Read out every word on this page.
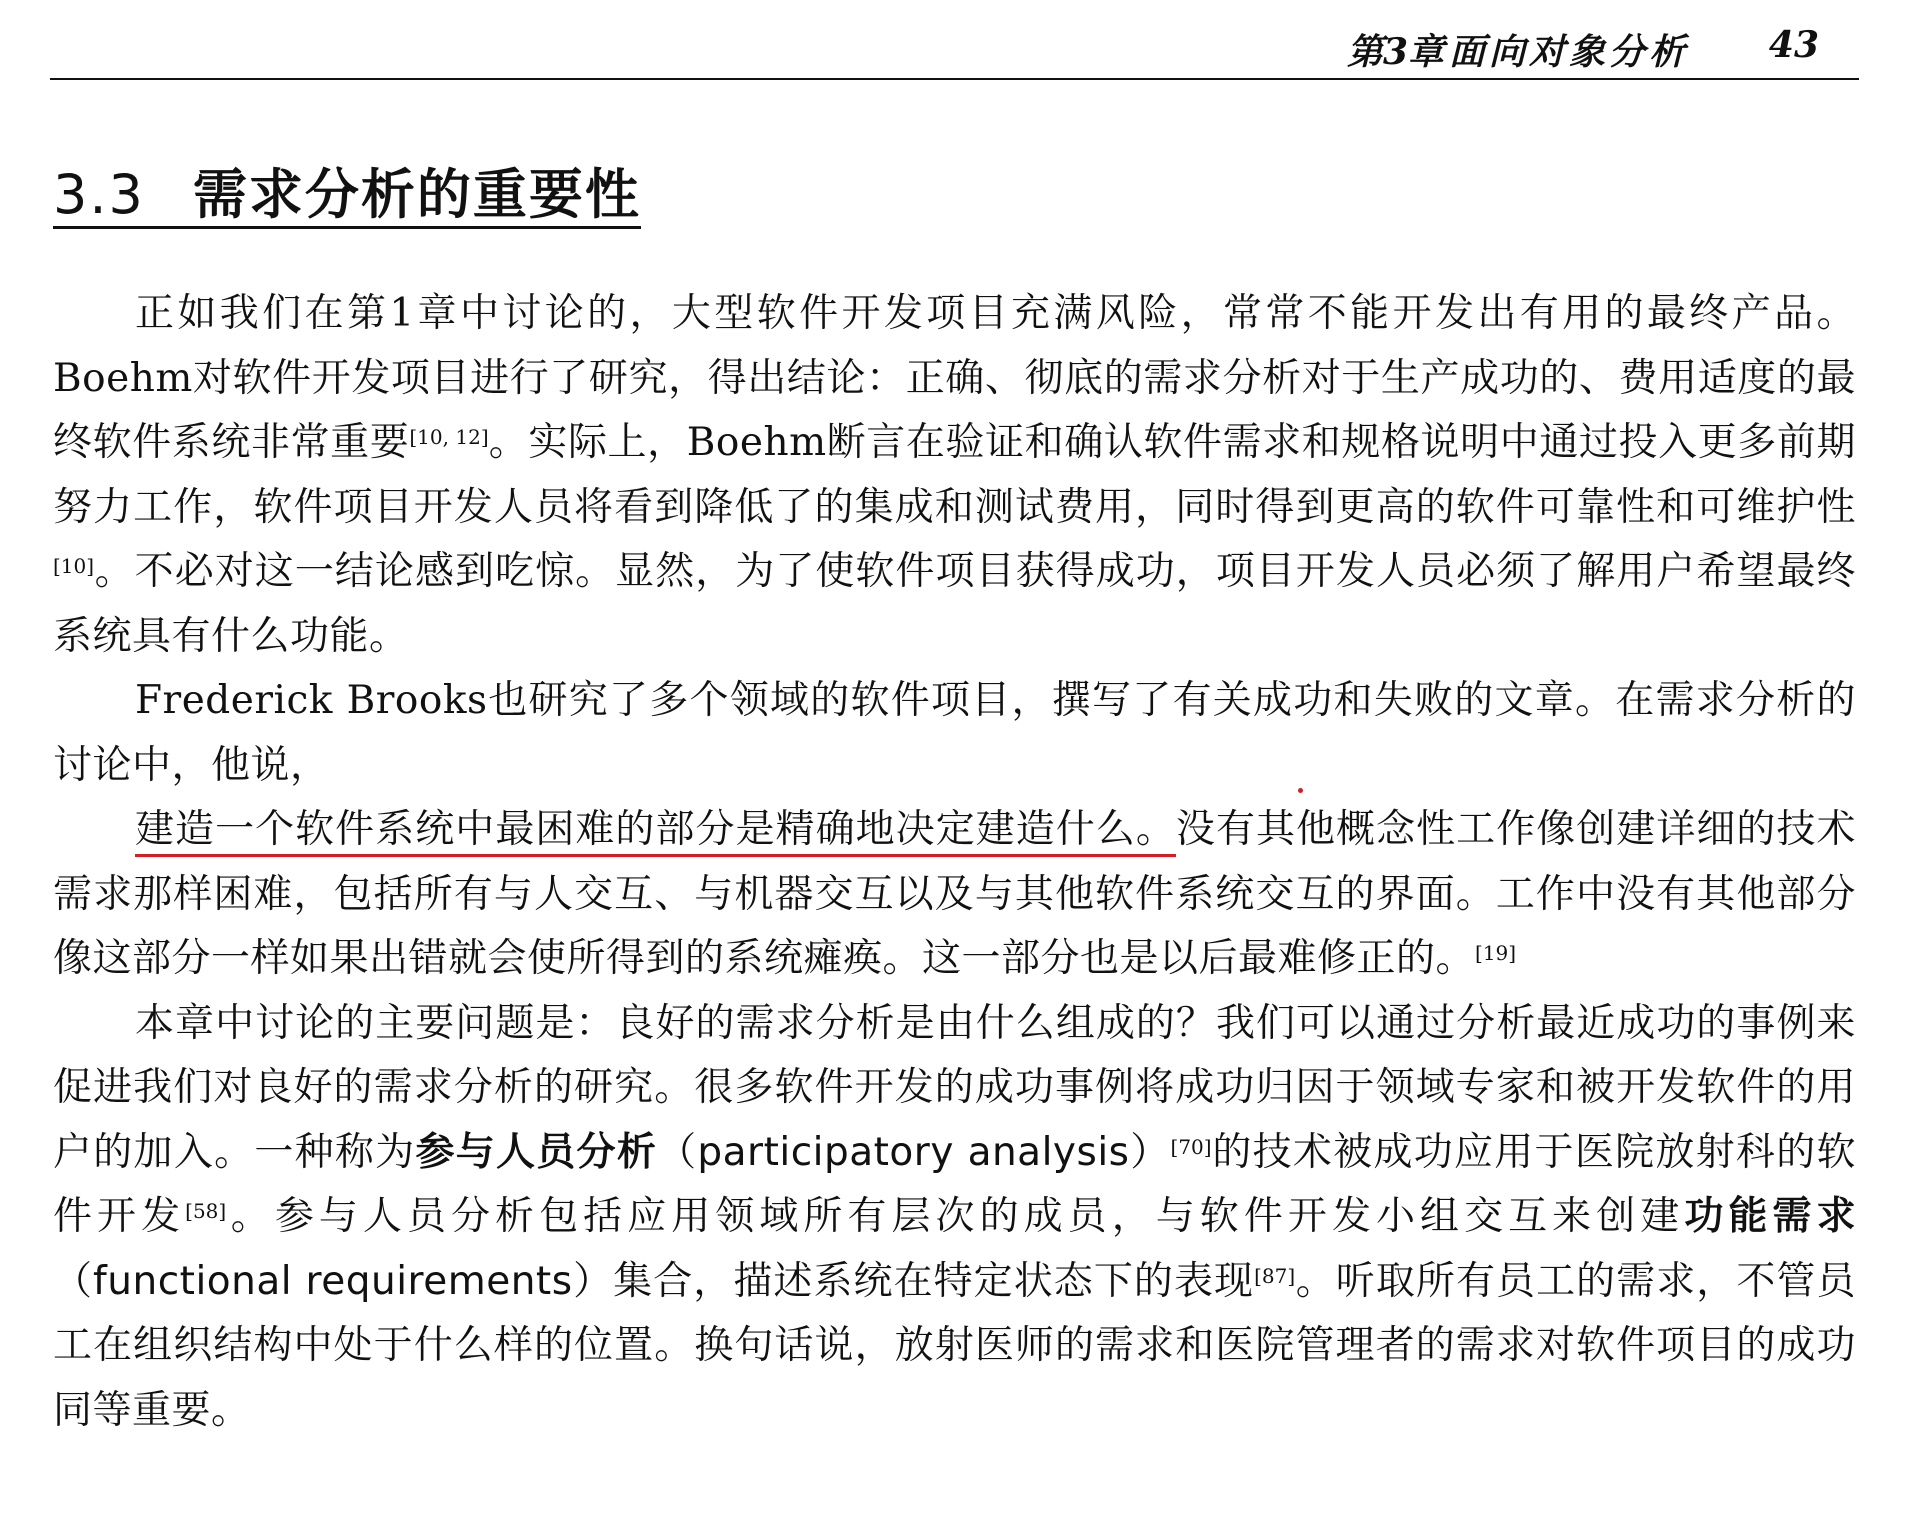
第3章 面向对象分析 43
3.3 需求分析的重要性

正如我们在第1章中讨论的，大型软件开发项目充满风险，常常不能开发出有用的最终产品。Boehm对软件开发项目进行了研究，得出结论：正确、彻底的需求分析对于生产成功的、费用适度的最终软件系统非常重要[10, 12]。实际上，Boehm断言在验证和确认软件需求和规格说明中通过投入更多前期努力工作，软件项目开发人员将看到降低了的集成和测试费用，同时得到更高的软件可靠性和可维护性[10]。不必对这一结论感到吃惊。显然，为了使软件项目获得成功，项目开发人员必须了解用户希望最终系统具有什么功能。

Frederick Brooks也研究了多个领域的软件项目，撰写了有关成功和失败的文章。在需求分析的讨论中，他说，

建造一个软件系统中最困难的部分是精确地决定建造什么。没有其他概念性工作像创建详细的技术需求那样困难，包括所有与人交互、与机器交互以及与其他软件系统交互的界面。工作中没有其他部分像这部分一样如果出错就会使所得到的系统瘫痪。这一部分也是以后最难修正的。[19]

本章中讨论的主要问题是：良好的需求分析是由什么组成的？我们可以通过分析最近成功的事例来促进我们对良好的需求分析的研究。很多软件开发的成功事例将成功归因于领域专家和被开发软件的用户的加入。一种称为参与人员分析（participatory analysis）[70]的技术被成功应用于医院放射科的软件开发[58]。参与人员分析包括应用领域所有层次的成员，与软件开发小组交互来创建功能需求（functional requirements）集合，描述系统在特定状态下的表现[87]。听取所有员工的需求，不管员工在组织结构中处于什么样的位置。换句话说，放射医师的需求和医院管理者的需求对软件项目的成功同等重要。
